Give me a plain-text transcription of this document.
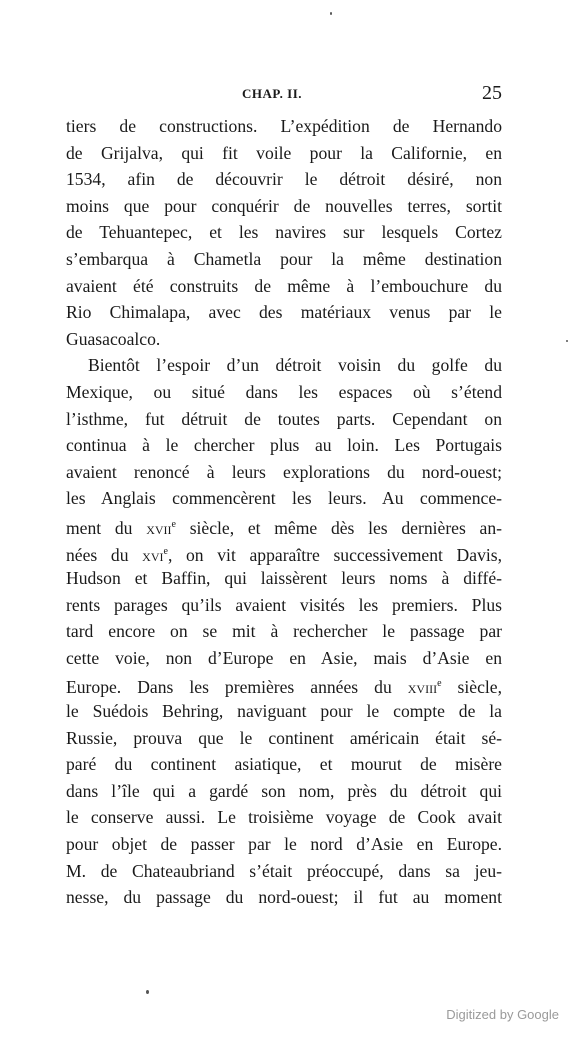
CHAP. II.	25
tiers de constructions. L’expédition de Hernando
de Grijalva, qui fit voile pour la Californie, en
1534, afin de découvrir le détroit désiré, non
moins que pour conquérir de nouvelles terres, sortit
de Tehuantepec, et les navires sur lesquels Cortez
s’embarqua à Chametla pour la même destination
avaient été construits de même à l’embouchure du
Rio Chimalapa, avec des matériaux venus par le
Guasacoalco.
Bientôt l’espoir d’un détroit voisin du golfe du
Mexique, ou situé dans les espaces où s’étend
l’isthme, fut détruit de toutes parts. Cependant on
continua à le chercher plus au loin. Les Portugais
avaient renoncé à leurs explorations du nord-ouest;
les Anglais commencèrent les leurs. Au commence-
ment du xvii$^e$ siècle, et même dès les dernières an-
nées du xvi$^e$, on vit apparaître successivement Davis,
Hudson et Baffin, qui laissèrent leurs noms à diffé-
rents parages qu’ils avaient visités les premiers. Plus
tard encore on se mit à rechercher le passage par
cette voie, non d’Europe en Asie, mais d’Asie en
Europe. Dans les premières années du xviii$^e$ siècle,
le Suédois Behring, naviguant pour le compte de la
Russie, prouva que le continent américain était sé-
paré du continent asiatique, et mourut de misère
dans l’île qui a gardé son nom, près du détroit qui
le conserve aussi. Le troisième voyage de Cook avait
pour objet de passer par le nord d’Asie en Europe.
M. de Chateaubriand s’était préoccupé, dans sa jeu-
nesse, du passage du nord-ouest; il fut au moment
Digitized by Google
